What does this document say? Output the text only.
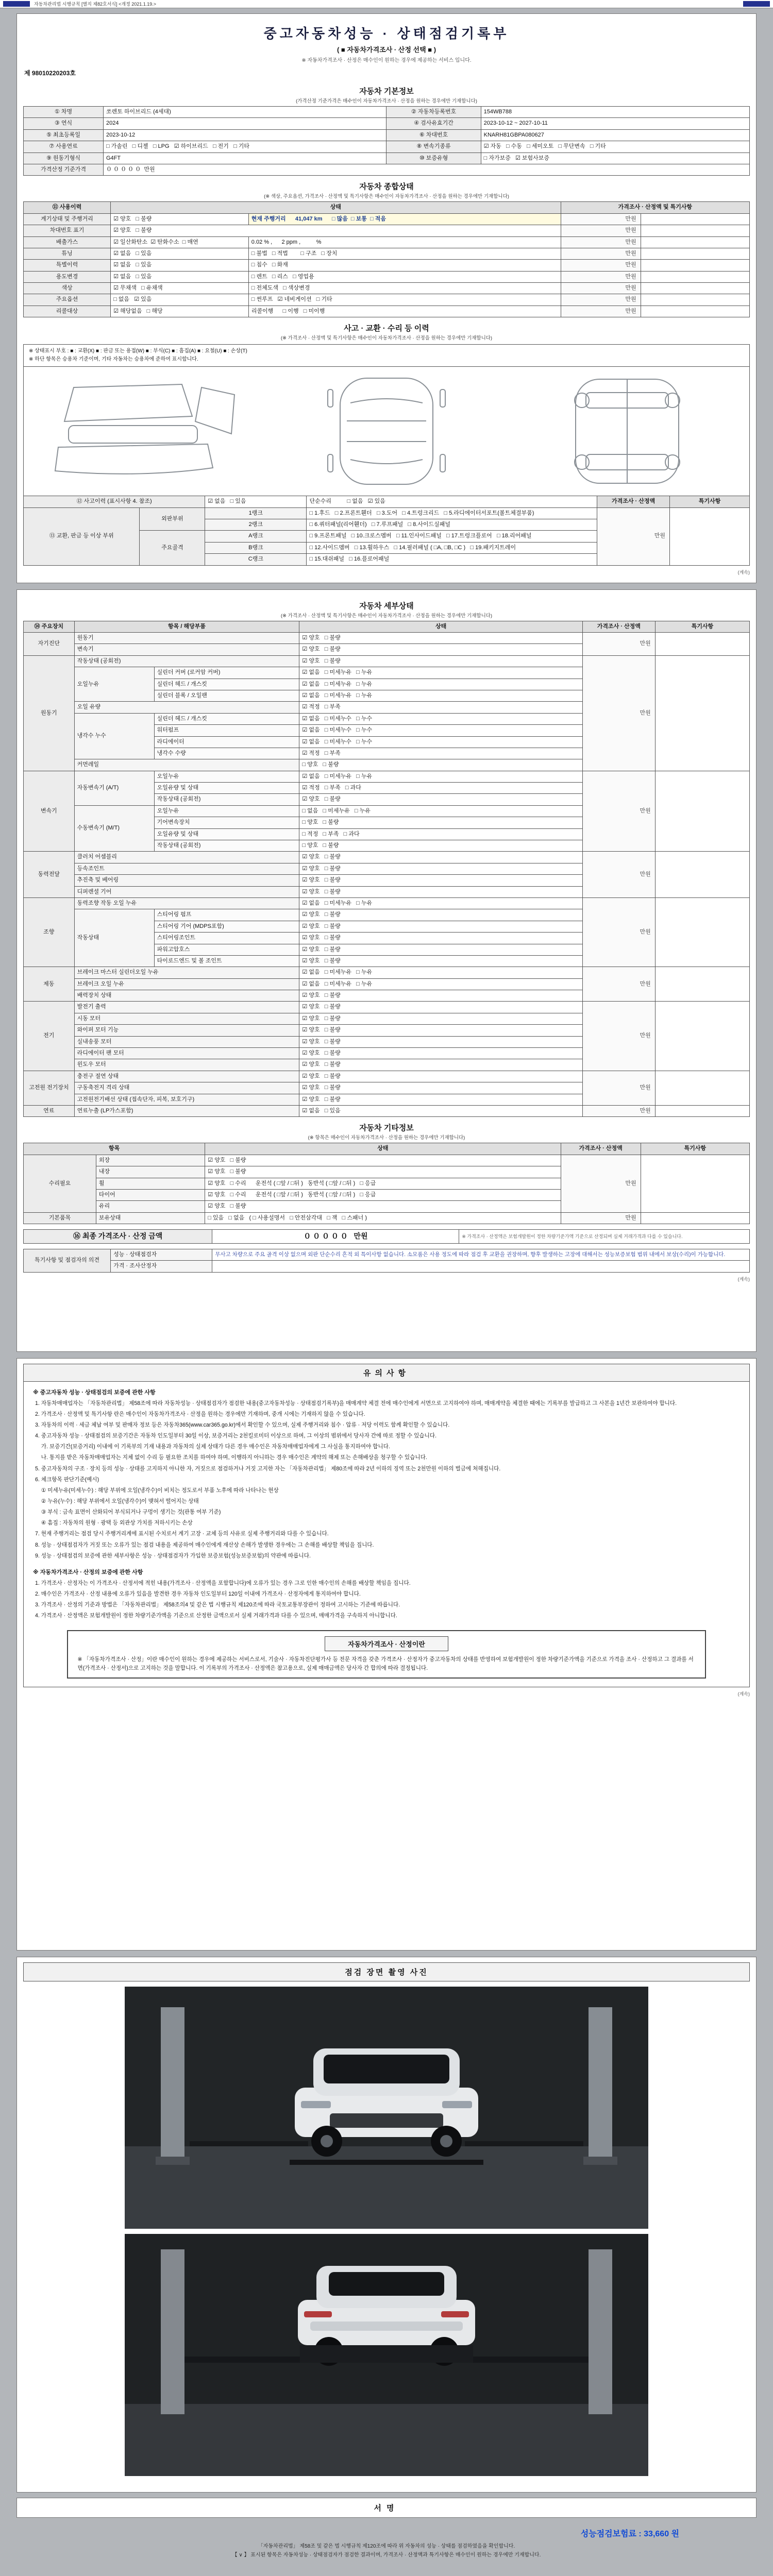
자동차관리법 시행규칙 [별지 제82호서식] <개정 2021.1.19.>
중고자동차성능 · 상태점검기록부
( ■ 자동차가격조사 · 산정 선택 ■ )
※ 자동차가격조사 · 산정은 매수인이 원하는 경우에 제공하는 서비스 입니다.
제 98010220203호
자동차 기본정보
(가격산정 기준가격은 매수인이 자동차가격조사 · 산정을 원하는 경우에만 기재합니다)
① 차명	쏘렌토 하이브리드 (4세대)	② 자동차등록번호	154WB788
③ 연식	2024	④ 검사유효기간	2023-10-12 ~ 2027-10-11
⑤ 최초등록일	2023-10-12	⑥ 차대번호	KNARH81GBPA080627
⑦ 사용연료	□ 가솔린   □ 디젤   □ LPG   ☑ 하이브리드   □ 전기   □ 기타	⑧ 변속기종류	☑ 자동   □ 수동   □ 세미오토   □ 무단변속   □ 기타
⑨ 원동기형식	G4FT	⑩ 보증유형	□ 자가보증   ☑ 보험사보증
가격산정 기준가격	０ ０ ０ ０ ０  만원		
자동차 종합상태
(※ 색상, 주요옵션, 가격조사 · 산정액 및 특기사항은 매수인이 자동차가격조사 · 산정을 원하는 경우에만 기재합니다)
⑪ 사용이력	상태		가격조사 · 산정액 및 특기사항	
계기상태 및 주행거리	☑ 양호   □ 불량	현재 주행거리      41,047 km      □ 많음  □ 보통  □ 적음	만원	
차대번호 표기	☑ 양호   □ 불량		만원	
배출가스	☑ 일산화탄소  ☑ 탄화수소  □ 매연	0.02 % ,      2 ppm ,          %	만원	
튜닝	☑ 없음   □ 있음	□ 불법   □ 적법        □ 구조   □ 장치	만원	
특별이력	☑ 없음   □ 있음	□ 침수   □ 화재	만원	
용도변경	☑ 없음   □ 있음	□ 렌트   □ 리스   □ 영업용	만원	
색상	☑ 무채색   □ 유채색	□ 전체도색   □ 색상변경	만원	
주요옵션	□ 없음   ☑ 있음	□ 썬루프   ☑ 네비게이션   □ 기타	만원	
리콜대상	☑ 해당없음   □ 해당	리콜이행      □ 이행   □ 미이행	만원	
사고 · 교환 · 수리 등 이력
(※ 가격조사 · 산정액 및 특기사항은 매수인이 자동차가격조사 · 산정을 원하는 경우에만 기재합니다)
※ 상태표시 부호 : ■ : 교환(X) ■ : 판금 또는 용접(W) ■ : 부식(C) ■ : 흠집(A) ■ : 요철(U) ■ : 손상(T)
※ 하단 항목은 승용차 기준이며, 기타 자동차는 승용차에 준하여 표시합니다.
⑫ 사고이력 (표시사항 4. 참조)		☑ 없음   □ 있음	단순수리          □ 없음   ☑ 있음	가격조사 · 산정액	특기사항
⑬ 교환, 판금 등 이상 부위	외판부위	1랭크	□ 1.후드   □ 2.프론트휀더   □ 3.도어   □ 4.트렁크리드   □ 5.라디에이터서포트(볼트체결부품)	만원	
		2랭크	□ 6.쿼터패널(리어휀더)   □ 7.루프패널   □ 8.사이드실패널		
	주요골격	A랭크	□ 9.프론트패널   □ 10.크로스멤버   □ 11.인사이드패널   □ 17.트렁크플로어   □ 18.리어패널		
		B랭크	□ 12.사이드멤버   □ 13.휠하우스   □ 14.필러패널 ( □A, □B, □C )   □ 19.패키지트레이		
		C랭크	□ 15.대쉬패널   □ 16.플로어패널		
(계속)
자동차 세부상태
(※ 가격조사 · 산정액 및 특기사항은 매수인이 자동차가격조사 · 산정을 원하는 경우에만 기재합니다)
⑭ 주요장치	항목 / 해당부품		상태	가격조사 · 산정액	특기사항
자기진단	원동기		☑ 양호   □ 불량	만원	
	변속기		☑ 양호   □ 불량		
원동기	작동상태 (공회전)		☑ 양호   □ 불량	만원	
	오일누유	실린더 커버 (로커암 커버)	☑ 없음   □ 미세누유   □ 누유		
		실린더 헤드 / 개스킷	☑ 없음   □ 미세누유   □ 누유		
		실린더 블록 / 오일팬	☑ 없음   □ 미세누유   □ 누유		
	오일 유량		☑ 적정   □ 부족		
	냉각수 누수	실린더 헤드 / 개스킷	☑ 없음   □ 미세누수   □ 누수		
		워터펌프	☑ 없음   □ 미세누수   □ 누수		
		라디에이터	☑ 없음   □ 미세누수   □ 누수		
		냉각수 수량	☑ 적정   □ 부족		
	커먼레일		□ 양호   □ 불량		
변속기	자동변속기 (A/T)	오일누유	☑ 없음   □ 미세누유   □ 누유	만원	
		오일유량 및 상태	☑ 적정   □ 부족   □ 과다		
		작동상태 (공회전)	☑ 양호   □ 불량		
	수동변속기 (M/T)	오일누유	□ 없음   □ 미세누유   □ 누유		
		기어변속장치	□ 양호   □ 불량		
		오일유량 및 상태	□ 적정   □ 부족   □ 과다		
		작동상태 (공회전)	□ 양호   □ 불량		
동력전달	클러치 어셈블리		☑ 양호   □ 불량	만원	
	등속조인트		☑ 양호   □ 불량		
	추진축 및 베어링		☑ 양호   □ 불량		
	디퍼렌셜 기어		☑ 양호   □ 불량		
조향	동력조향 작동 오일 누유		☑ 없음   □ 미세누유   □ 누유	만원	
	작동상태	스티어링 펌프	☑ 양호   □ 불량		
		스티어링 기어 (MDPS포함)	☑ 양호   □ 불량		
		스티어링조인트	☑ 양호   □ 불량		
		파워고압호스	☑ 양호   □ 불량		
		타이로드엔드 및 볼 조인트	☑ 양호   □ 불량		
제동	브레이크 마스터 실린더오일 누유		☑ 없음   □ 미세누유   □ 누유	만원	
	브레이크 오일 누유		☑ 없음   □ 미세누유   □ 누유		
	배력장치 상태		☑ 양호   □ 불량		
전기	발전기 출력		☑ 양호   □ 불량	만원	
	시동 모터		☑ 양호   □ 불량		
	와이퍼 모터 기능		☑ 양호   □ 불량		
	실내송풍 모터		☑ 양호   □ 불량		
	라디에이터 팬 모터		☑ 양호   □ 불량		
	윈도우 모터		☑ 양호   □ 불량		
고전원 전기장치	충전구 절연 상태		☑ 양호   □ 불량	만원	
	구동축전지 격리 상태		☑ 양호   □ 불량		
	고전원전기배선 상태 (접속단자, 피복, 보호기구)		☑ 양호   □ 불량		
연료	연료누출 (LP가스포함)		☑ 없음   □ 있음	만원	
자동차 기타정보
(※ 항목은 매수인이 자동차가격조사 · 산정을 원하는 경우에만 기재합니다)
항목		상태	가격조사 · 산정액	특기사항
수리필요	외장	☑ 양호   □ 불량	만원	
	내장	☑ 양호   □ 불량		
	휠	☑ 양호   □ 수리      운전석 ( □앞 / □뒤 )   동반석 ( □앞 / □뒤 )   □ 응급		
	타이어	☑ 양호   □ 수리      운전석 ( □앞 / □뒤 )   동반석 ( □앞 / □뒤 )   □ 응급		
	유리	☑ 양호   □ 불량		
기본품목	보유상태	□ 있음   □ 없음   ( □ 사용설명서   □ 안전삼각대   □ 잭   □ 스패너 )	만원	
⑯ 최종 가격조사 · 산정 금액	０ ０ ０ ０ ０   만원	※ 가격조사 · 산정액은 보험개발원이 정한 차량기준가액 기준으로 산정되며 실제 거래가격과 다를 수 있습니다.
특기사항 및 점검자의 의견	성능 · 상태점검자	무사고 차량으로 주요 골격 이상 없으며 외판 단순수리 흔적 외 특이사항 없습니다. 소모품은 사용 정도에 따라 점검 후 교환을 권장하며, 향후 발생하는 고장에 대해서는 성능보증보험 범위 내에서 보상(수리)이 가능합니다.
	가격 · 조사산정자	
(계속)
유의사항
※ 중고자동차 성능 · 상태점검의 보증에 관한 사항
1. 자동차매매업자는 「자동차관리법」 제58조에 따라 자동차성능 · 상태점검자가 점검한 내용(중고자동차성능 · 상태점검기록부)을 매매계약 체결 전에 매수인에게 서면으로 고지하여야 하며, 매매계약을 체결한 때에는 기록부를 발급하고 그 사본을 1년간 보관하여야 합니다.
2. 가격조사 · 산정액 및 특기사항 란은 매수인이 자동차가격조사 · 산정을 원하는 경우에만 기재하며, 중개 시에는 기재하지 않을 수 있습니다.
3. 자동차의 이력 · 세금 체납 여부 및 판매자 정보 등은 자동차365(www.car365.go.kr)에서 확인할 수 있으며, 실제 주행거리와 침수 · 압류 · 저당 이력도 함께 확인할 수 있습니다.
4. 중고자동차 성능 · 상태점검의 보증기간은 자동차 인도일부터 30일 이상, 보증거리는 2천킬로미터 이상으로 하며, 그 이상의 범위에서 당사자 간에 따로 정할 수 있습니다.
가. 보증기간(보증거리) 이내에 이 기록부의 기재 내용과 자동차의 실제 상태가 다른 경우 매수인은 자동차매매업자에게 그 사실을 통지하여야 합니다.
나. 통지를 받은 자동차매매업자는 지체 없이 수리 등 필요한 조치를 하여야 하며, 이행하지 아니하는 경우 매수인은 계약의 해제 또는 손해배상을 청구할 수 있습니다.
5. 중고자동차의 구조 · 장치 등의 성능 · 상태를 고지하지 아니한 자, 거짓으로 점검하거나 거짓 고지한 자는 「자동차관리법」 제80조에 따라 2년 이하의 징역 또는 2천만원 이하의 벌금에 처해집니다.
6. 체크항목 판단기준(예시)
① 미세누유(미세누수) : 해당 부위에 오일(냉각수)이 비치는 정도로서 부품 노후에 따라 나타나는 현상
② 누유(누수) : 해당 부위에서 오일(냉각수)이 맺혀서 떨어지는 상태
③ 부식 : 금속 표면이 산화되어 부식되거나 구멍이 생기는 것(관통 여부 기준)
④ 흠집 : 자동차의 원형 · 광택 등 외관상 가치를 저하시키는 손상
7. 현재 주행거리는 점검 당시 주행거리계에 표시된 수치로서 계기 고장 · 교체 등의 사유로 실제 주행거리와 다를 수 있습니다.
8. 성능 · 상태점검자가 거짓 또는 오류가 있는 점검 내용을 제공하여 매수인에게 재산상 손해가 발생한 경우에는 그 손해를 배상할 책임을 집니다.
9. 성능 · 상태점검의 보증에 관한 세부사항은 성능 · 상태점검자가 가입한 보증보험(성능보증보험)의 약관에 따릅니다.
※ 자동차가격조사 · 산정의 보증에 관한 사항
1. 가격조사 · 산정자는 이 가격조사 · 산정서에 적힌 내용(가격조사 · 산정액을 포함합니다)에 오류가 있는 경우 그로 인한 매수인의 손해를 배상할 책임을 집니다.
2. 매수인은 가격조사 · 산정 내용에 오류가 있음을 발견한 경우 자동차 인도일부터 120일 이내에 가격조사 · 산정자에게 통지하여야 합니다.
3. 가격조사 · 산정의 기준과 방법은 「자동차관리법」 제58조의4 및 같은 법 시행규칙 제120조에 따라 국토교통부장관이 정하여 고시하는 기준에 따릅니다.
4. 가격조사 · 산정액은 보험개발원이 정한 차량기준가액을 기준으로 산정한 금액으로서 실제 거래가격과 다를 수 있으며, 매매가격을 구속하지 아니합니다.
자동차가격조사 · 산정이란
※ 「자동차가격조사 · 산정」이란 매수인이 원하는 경우에 제공하는 서비스로서, 기술사 · 자동차진단평가사 등 전문 자격을 갖춘 가격조사 · 산정자가 중고자동차의 상태를 반영하여 보험개발원이 정한 차량기준가액을 기준으로 가격을 조사 · 산정하고 그 결과를 서면(가격조사 · 산정서)으로 고지하는 것을 말합니다. 이 기록부의 가격조사 · 산정액은 참고용으로, 실제 매매금액은 당사자 간 합의에 따라 결정됩니다.
(계속)
점검 장면 촬영 사진
서명
성능점검보험료 : 33,660 원
「자동차관리법」 제58조 및 같은 법 시행규칙 제120조에 따라 위 자동차의 성능 · 상태를 점검하였음을 확인합니다.
【 ∨ 】 표시된 항목은 자동차성능 · 상태점검자가 점검한 결과이며, 가격조사 · 산정액과 특기사항은 매수인이 원하는 경우에만 기재합니다.
